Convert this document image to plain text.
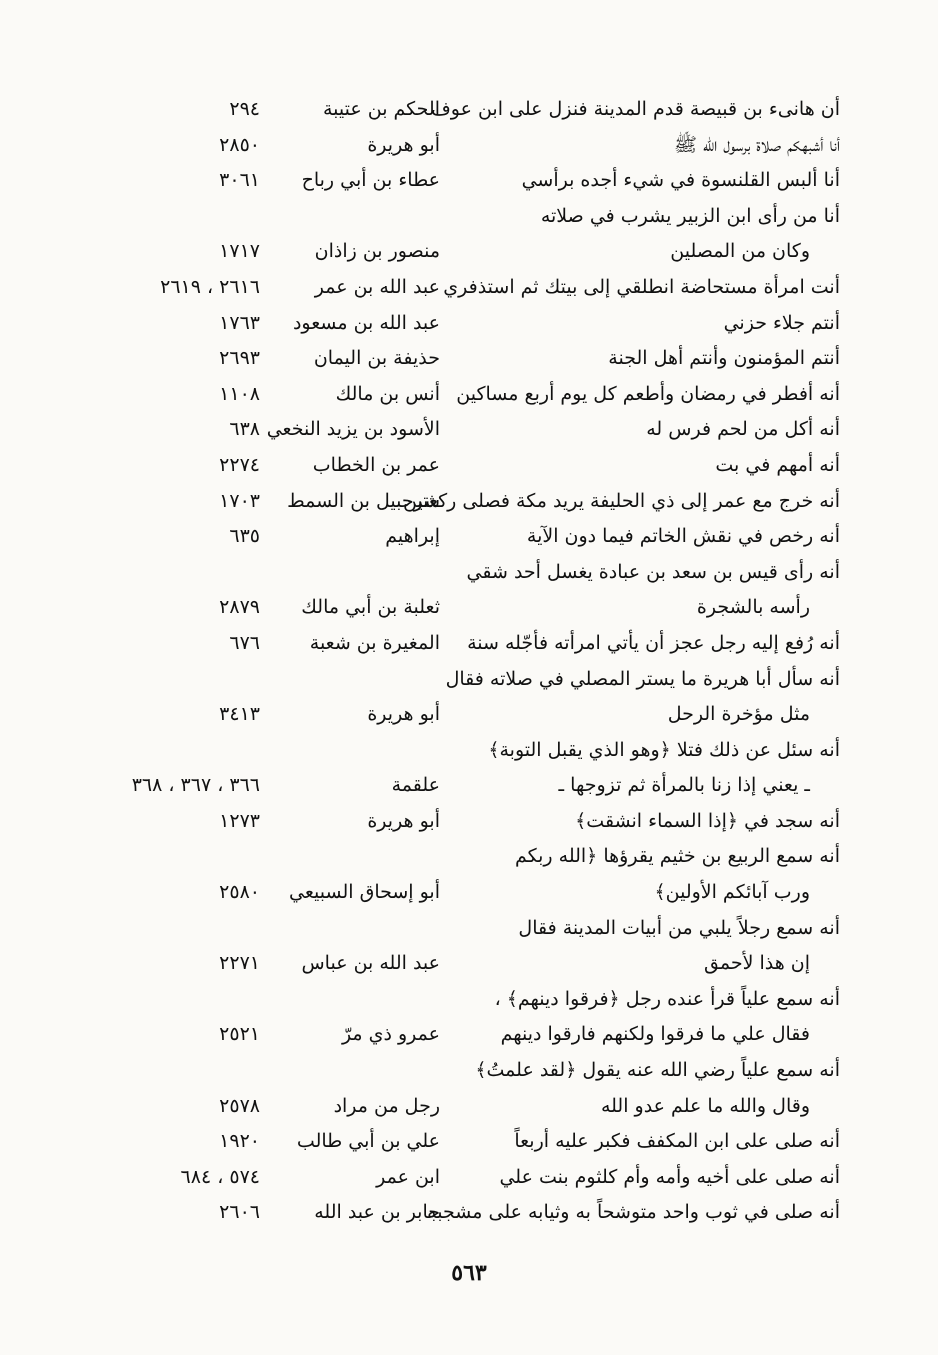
أن هانىء بن قبيصة قدم المدينة فنزل على ابن عوف
الحكم بن عتيبة
٢٩٤
أنا أشبهكم صلاة برسول الله ﷺ
أبو هريرة
٢٨٥٠
أنا ألبس القلنسوة في شيء أجده برأسي
عطاء بن أبي رباح
٣٠٦١
أنا من رأى ابن الزبير يشرب في صلاته
وكان من المصلين
منصور بن زاذان
١٧١٧
أنت امرأة مستحاضة انطلقي إلى بيتك ثم استذفري
عبد الله بن عمر
٢٦١٦ ، ٢٦١٩
أنتم جلاء حزني
عبد الله بن مسعود
١٧٦٣
أنتم المؤمنون وأنتم أهل الجنة
حذيفة بن اليمان
٢٦٩٣
أنه أفطر في رمضان وأطعم كل يوم أربع مساكين
أنس بن مالك
١١٠٨
أنه أكل من لحم فرس له
الأسود بن يزيد النخعي
٦٣٨
أنه أمهم في بت
عمر بن الخطاب
٢٢٧٤
أنه خرج مع عمر إلى ذي الحليفة يريد مكة فصلى ركعتين
شرحبيل بن السمط
١٧٠٣
أنه رخص في نقش الخاتم فيما دون الآية
إبراهيم
٦٣٥
أنه رأى قيس بن سعد بن عبادة يغسل أحد شقي
رأسه بالشجرة
ثعلبة بن أبي مالك
٢٨٧٩
أنه رُفع إليه رجل عجز أن يأتي امرأته فأجّله سنة
المغيرة بن شعبة
٦٧٦
أنه سأل أبا هريرة ما يستر المصلي في صلاته فقال
مثل مؤخرة الرحل
أبو هريرة
٣٤١٣
أنه سئل عن ذلك فتلا ﴿وهو الذي يقبل التوبة﴾
ـ يعني إذا زنا بالمرأة ثم تزوجها ـ
علقمة
٣٦٦ ، ٣٦٧ ، ٣٦٨
أنه سجد في ﴿إذا السماء انشقت﴾
أبو هريرة
١٢٧٣
أنه سمع الربيع بن خثيم يقرؤها ﴿الله ربكم
ورب آبائكم الأولين﴾
أبو إسحاق السبيعي
٢٥٨٠
أنه سمع رجلاً يلبي من أبيات المدينة فقال
إن هذا لأحمق
عبد الله بن عباس
٢٢٧١
أنه سمع علياً قرأ عنده رجل ﴿فرقوا دينهم﴾ ،
فقال علي ما فرقوا ولكنهم فارقوا دينهم
عمرو ذي مرّ
٢٥٢١
أنه سمع علياً رضي الله عنه يقول ﴿لقد علمتُ﴾
وقال والله ما علم عدو الله
رجل من مراد
٢٥٧٨
أنه صلى على ابن المكفف فكبر عليه أربعاً
علي بن أبي طالب
١٩٢٠
أنه صلى على أخيه وأمه وأم كلثوم بنت علي
ابن عمر
٥٧٤ ، ٦٨٤
أنه صلى في ثوب واحد متوشحاً به وثيابه على مشجبه
جابر بن عبد الله
٢٦٠٦
٥٦٣
